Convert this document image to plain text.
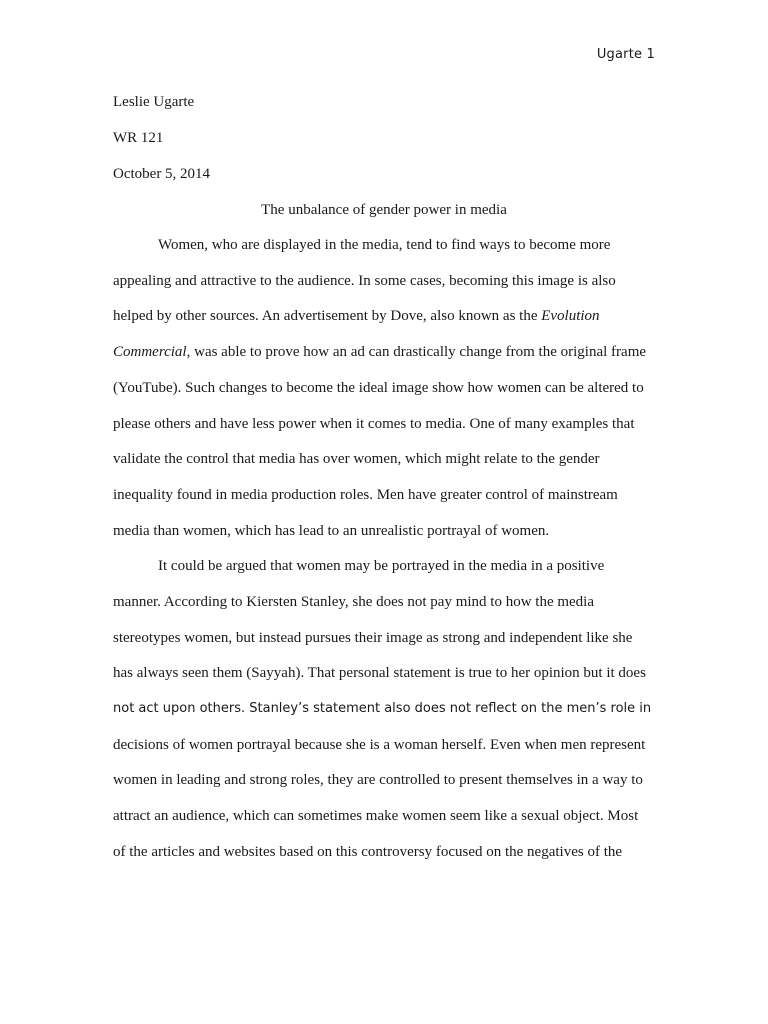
Ugarte 1
Leslie Ugarte
WR 121
October 5, 2014
The unbalance of gender power in media
Women, who are displayed in the media, tend to find ways to become more
appealing and attractive to the audience. In some cases, becoming this image is also
helped by other sources. An advertisement by Dove, also known as the Evolution
Commercial, was able to prove how an ad can drastically change from the original frame
(YouTube). Such changes to become the ideal image show how women can be altered to
please others and have less power when it comes to media. One of many examples that
validate the control that media has over women, which might relate to the gender
inequality found in media production roles. Men have greater control of mainstream
media than women, which has lead to an unrealistic portrayal of women.
It could be argued that women may be portrayed in the media in a positive
manner. According to Kiersten Stanley, she does not pay mind to how the media
stereotypes women, but instead pursues their image as strong and independent like she
has always seen them (Sayyah). That personal statement is true to her opinion but it does
not act upon others. Stanley’s statement also does not reflect on the men’s role in
decisions of women portrayal because she is a woman herself. Even when men represent
women in leading and strong roles, they are controlled to present themselves in a way to
attract an audience, which can sometimes make women seem like a sexual object. Most
of the articles and websites based on this controversy focused on the negatives of the
